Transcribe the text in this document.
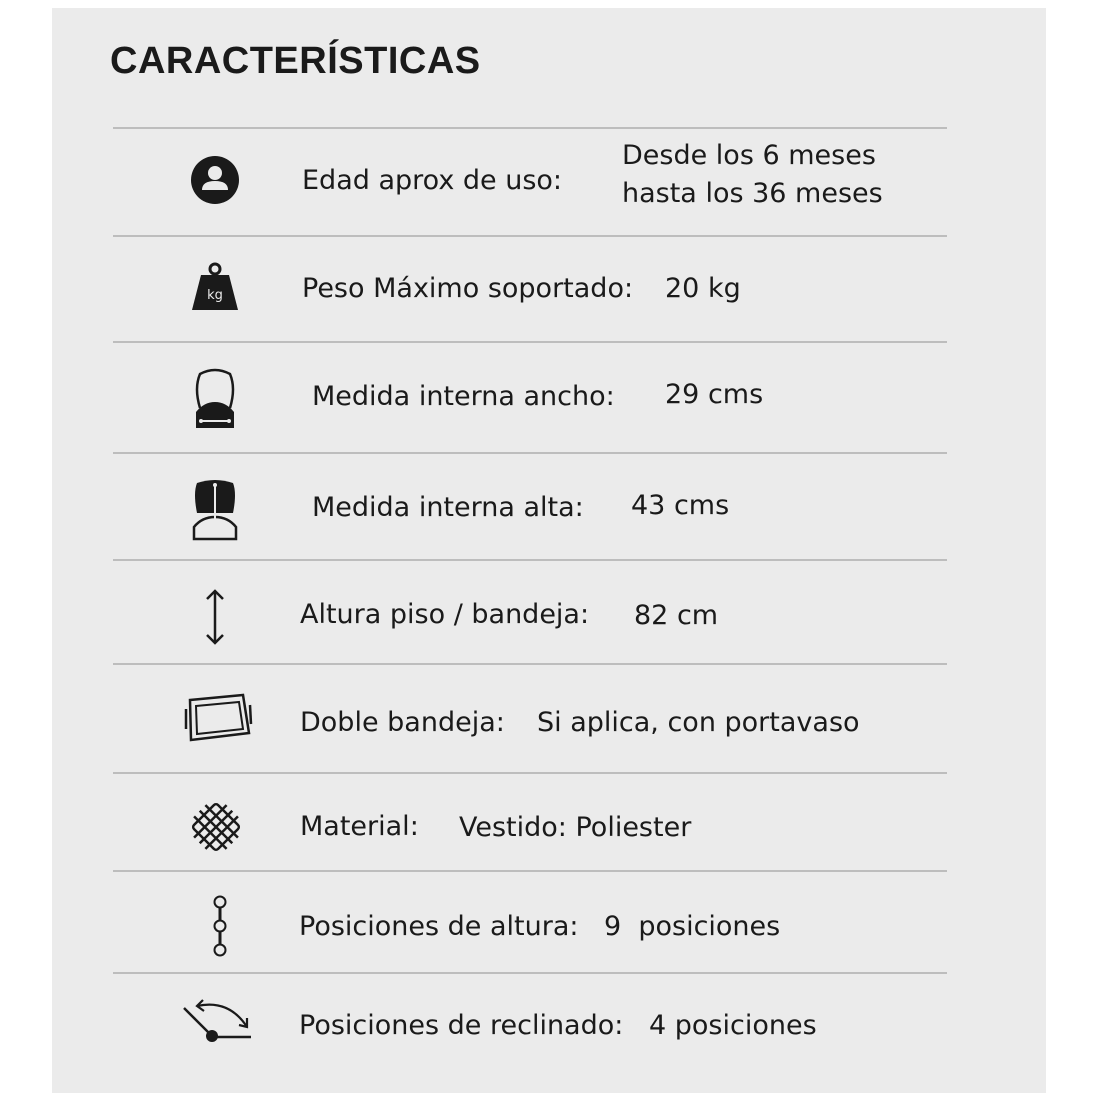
CARACTERÍSTICAS
Edad aprox de uso:
Desde los 6 meses
hasta los 36 meses
kg	Peso Máximo soportado: 20 kg
Medida interna ancho: 29 cms
Medida interna alta: 43 cms
Altura piso / bandeja: 82 cm
Doble bandeja: Si aplica, con portavaso
Material: Vestido: Poliester
Posiciones de altura: 9  posiciones
Posiciones de reclinado: 4 posiciones
